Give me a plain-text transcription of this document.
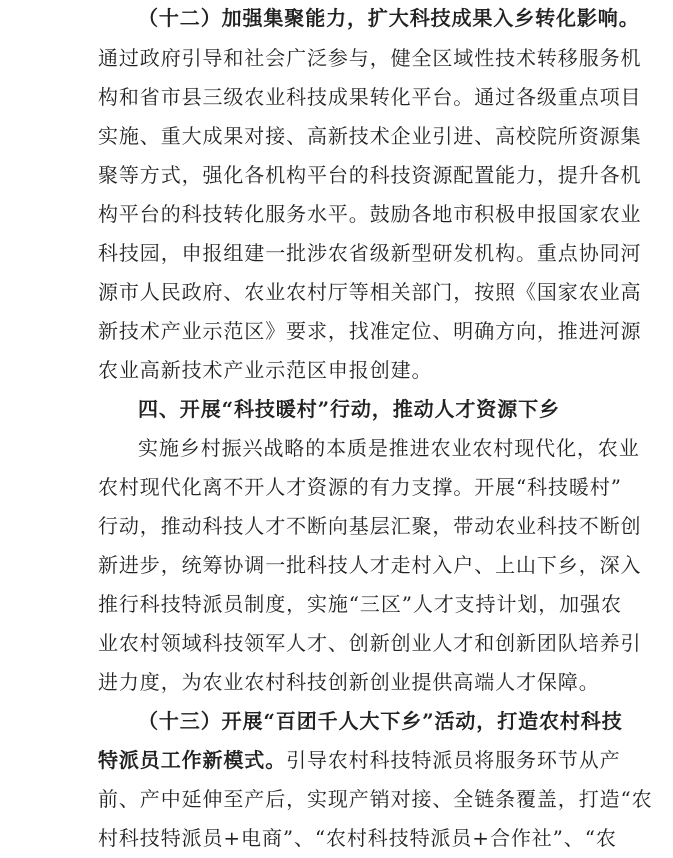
（十二）加强集聚能力，扩大科技成果入乡转化影响。
通过政府引导和社会广泛参与，健全区域性技术转移服务机
构和省市县三级农业科技成果转化平台。通过各级重点项目
实施、重大成果对接、高新技术企业引进、高校院所资源集
聚等方式，强化各机构平台的科技资源配置能力，提升各机
构平台的科技转化服务水平。鼓励各地市积极申报国家农业
科技园，申报组建一批涉农省级新型研发机构。重点协同河
源市人民政府、农业农村厅等相关部门，按照《国家农业高
新技术产业示范区》要求，找准定位、明确方向，推进河源
农业高新技术产业示范区申报创建。
四、开展“科技暖村”行动，推动人才资源下乡
实施乡村振兴战略的本质是推进农业农村现代化，农业
农村现代化离不开人才资源的有力支撑。开展“科技暖村”
行动，推动科技人才不断向基层汇聚，带动农业科技不断创
新进步，统筹协调一批科技人才走村入户、上山下乡，深入
推行科技特派员制度，实施“三区”人才支持计划，加强农
业农村领域科技领军人才、创新创业人才和创新团队培养引
进力度，为农业农村科技创新创业提供高端人才保障。
（十三）开展“百团千人大下乡”活动，打造农村科技
特派员工作新模式。引导农村科技特派员将服务环节从产
前、产中延伸至产后，实现产销对接、全链条覆盖，打造“农
村科技特派员+电商”、“农村科技特派员+合作社”、“农
